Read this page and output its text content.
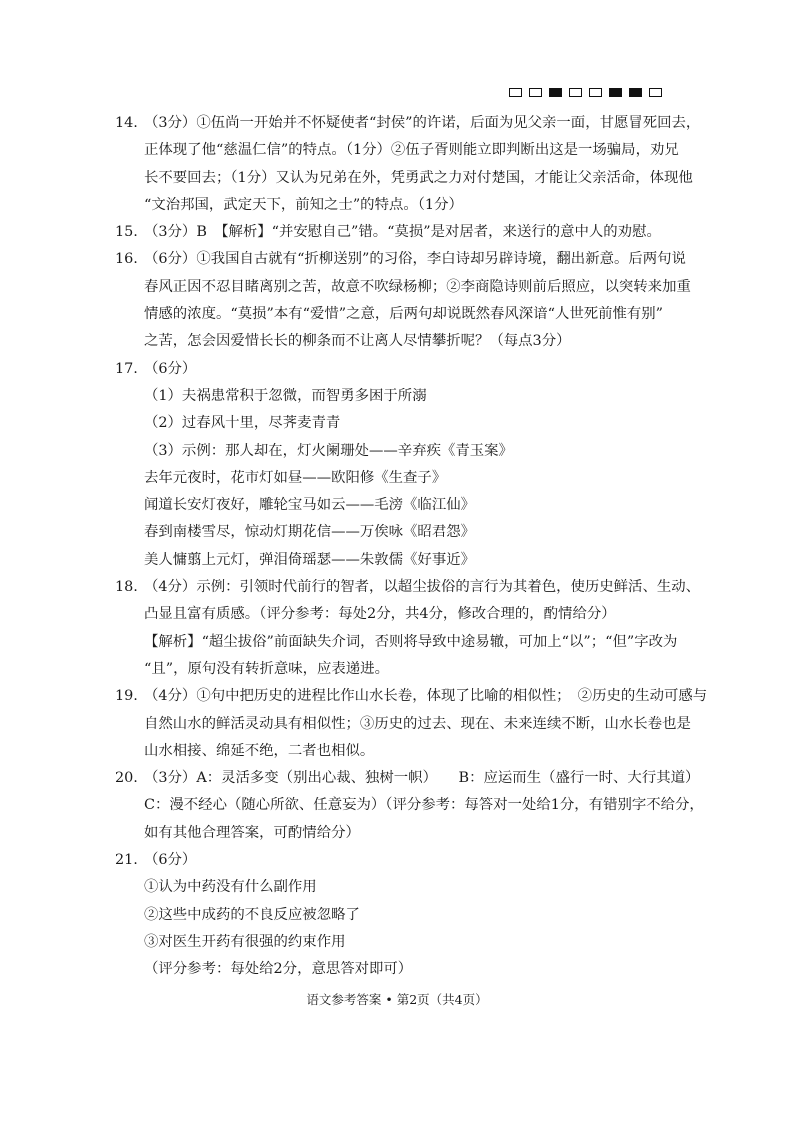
14. （3分）①伍尚一开始并不怀疑使者“封侯”的许诺，后面为见父亲一面，甘愿冒死回去，
正体现了他“慈温仁信”的特点。（1分）②伍子胥则能立即判断出这是一场骗局，劝兄
长不要回去；（1分）又认为兄弟在外，凭勇武之力对付楚国，才能让父亲活命，体现他
“文治邦国，武定天下，前知之士”的特点。（1分）
15. （3分）B　【解析】“并安慰自己”错。“莫损”是对居者，来送行的意中人的劝慰。
16. （6分）①我国自古就有“折柳送别”的习俗，李白诗却另辟诗境，翻出新意。后两句说
春风正因不忍目睹离别之苦，故意不吹绿杨柳；②李商隐诗则前后照应，以突转来加重
情感的浓度。“莫损”本有“爱惜”之意，后两句却说既然春风深谙“人世死前惟有别”
之苦，怎会因爱惜长长的柳条而不让离人尽情攀折呢？（每点3分）
17. （6分）
（1）夫祸患常积于忽微，而智勇多困于所溺
（2）过春风十里，尽荠麦青青
（3）示例：那人却在，灯火阑珊处——辛弃疾《青玉案》
去年元夜时，花市灯如昼——欧阳修《生查子》
闻道长安灯夜好，雕轮宝马如云——毛滂《临江仙》
春到南楼雪尽，惊动灯期花信——万俟咏《昭君怨》
美人慵翦上元灯，弹泪倚瑶瑟——朱敦儒《好事近》
18. （4分）示例：引领时代前行的智者，以超尘拔俗的言行为其着色，使历史鲜活、生动、
凸显且富有质感。（评分参考：每处2分，共4分，修改合理的，酌情给分）
【解析】“超尘拔俗”前面缺失介词，否则将导致中途易辙，可加上“以”；“但”字改为
“且”，原句没有转折意味，应表递进。
19. （4分）①句中把历史的进程比作山水长卷，体现了比喻的相似性；　②历史的生动可感与
自然山水的鲜活灵动具有相似性；③历史的过去、现在、未来连续不断，山水长卷也是
山水相接、绵延不绝，二者也相似。
20. （3分）A：灵活多变（别出心裁、独树一帜）　　B：应运而生（盛行一时、大行其道）
C：漫不经心（随心所欲、任意妄为）（评分参考：每答对一处给1分，有错别字不给分，
如有其他合理答案，可酌情给分）
21. （6分）
①认为中药没有什么副作用
②这些中成药的不良反应被忽略了
③对医生开药有很强的约束作用
（评分参考：每处给2分，意思答对即可）
语文参考答案 • 第2页（共4页）
